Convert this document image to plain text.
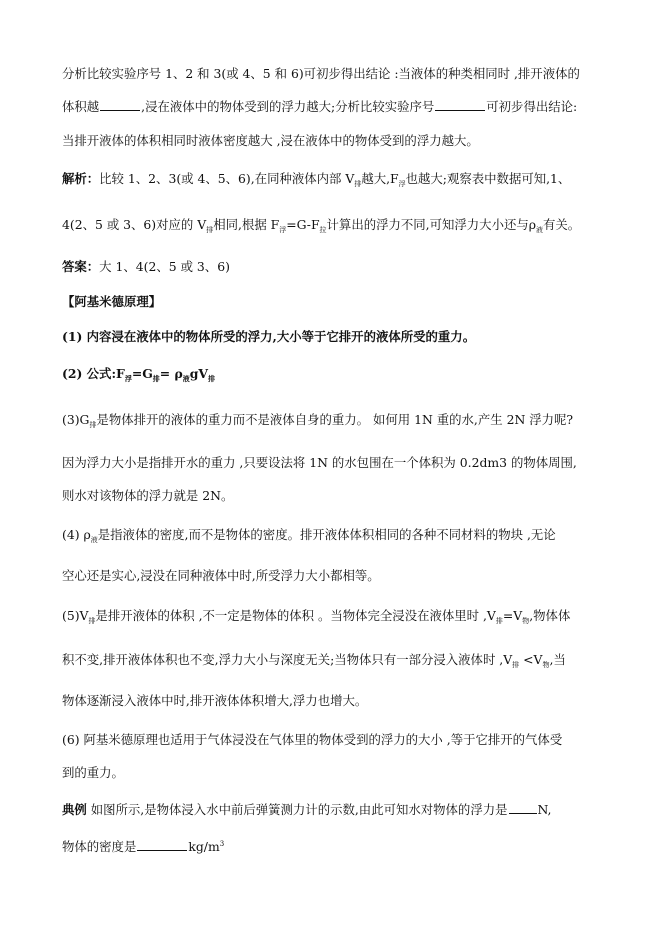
分析比较实验序号 1、2 和 3(或 4、5 和 6)可初步得出结论 :当液体的种类相同时 ,排开液体的
体积越	,浸在液体中的物体受到的浮力越大;分析比较实验序号	可初步得出结论:
当排开液体的体积相同时液体密度越大 ,浸在液体中的物体受到的浮力越大。
解析：比较 1、2、3(或 4、5、6),在同种液体内部 $V_排$越大$,F_浮$也越大;观察表中数据可知,1、
4(2、5 或 3、6)对应的 $V_排$相同,根据 $F_浮=G-F_拉$计算出的浮力不同,可知浮力大小还与$\rho_液$有关。
答案：大 1、4(2、5 或 3、6)
【阿基米德原理】
(1) 内容浸在液体中的物体所受的浮力,大小等于它排开的液体所受的重力。
(2) 公式$:F_浮=G_排= \rho_液gV_排$
$(3)G_排$是物体排开的液体的重力而不是液体自身的重力。 如何用 1N 重的水,产生 2N 浮力呢?
因为浮力大小是指排开水的重力 ,只要设法将 1N 的水包围在一个体积为 0.2dm3 的物体周围,
则水对该物体的浮力就是 2N。
(4) $\rho_液$是指液体的密度,而不是物体的密度。排开液体体积相同的各种不同材料的物块 ,无论
空心还是实心,浸没在同种液体中时,所受浮力大小都相等。
$(5)V_排$是排开液体的体积 ,不一定是物体的体积 。当物体完全浸没在液体里时 $,V_排=V_物$,物体体
积不变,排开液体体积也不变,浮力大小与深度无关;当物体只有一部分浸入液体时 $,V_排 <V_物$,当
物体逐渐浸入液体中时,排开液体体积增大,浮力也增大。
(6) 阿基米德原理也适用于气体浸没在气体里的物体受到的浮力的大小 ,等于它排开的气体受
到的重力。
典例 如图所示,是物体浸入水中前后弹簧测力计的示数,由此可知水对物体的浮力是 N,
物体的密度是	$kg/m^3$
